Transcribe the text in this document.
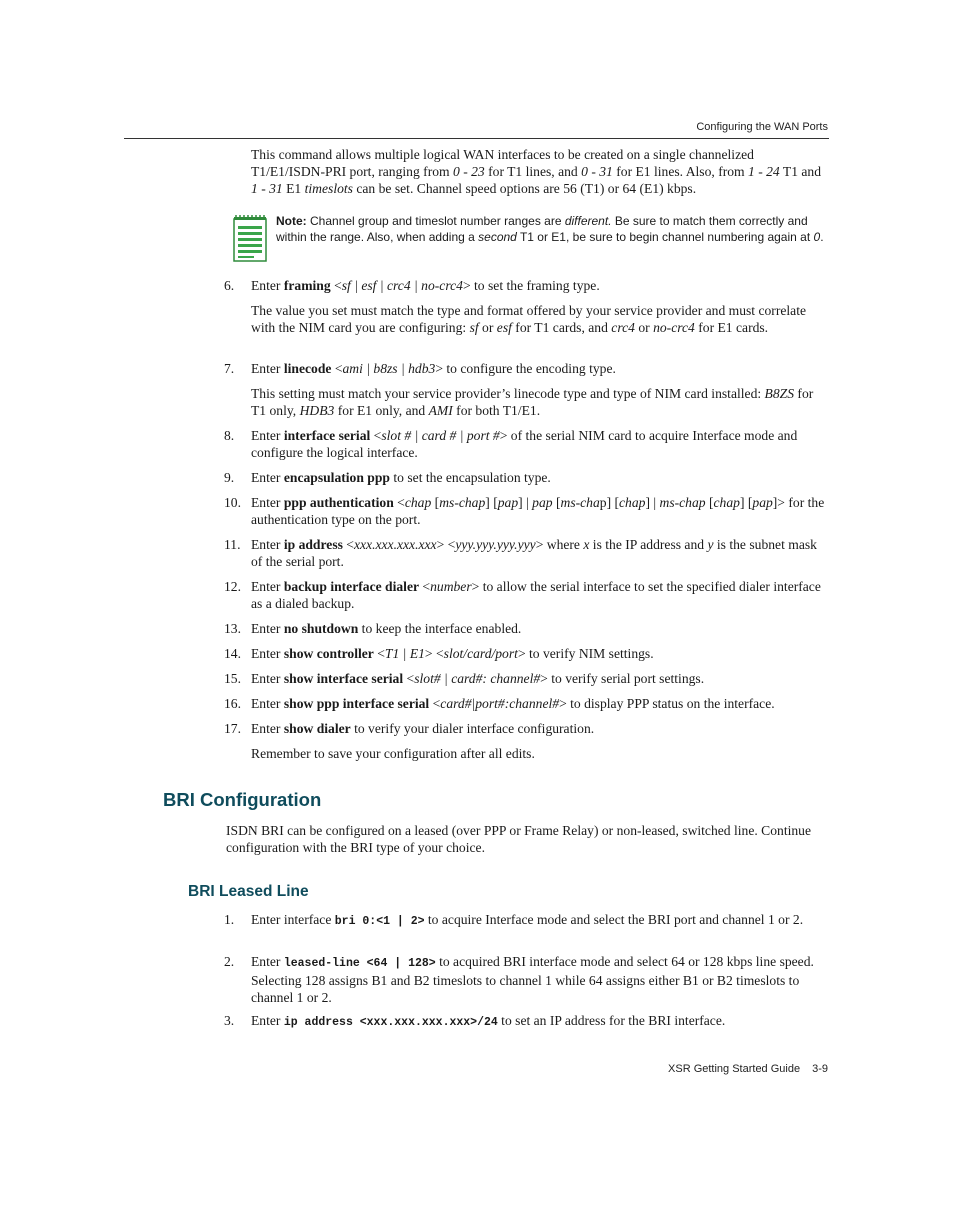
Configuring the WAN Ports

This command allows multiple logical WAN interfaces to be created on a single channelized T1/E1/ISDN-PRI port, ranging from 0 - 23 for T1 lines, and 0 - 31 for E1 lines. Also, from 1 - 24 T1 and 1 - 31 E1 timeslots can be set. Channel speed options are 56 (T1) or 64 (E1) kbps.

Note: Channel group and timeslot number ranges are different. Be sure to match them correctly and within the range. Also, when adding a second T1 or E1, be sure to begin channel numbering again at 0.
6.	Enter framing <sf | esf | crc4 | no-crc4> to set the framing type.
The value you set must match the type and format offered by your service provider and must correlate with the NIM card you are configuring: sf or esf for T1 cards, and crc4 or no-crc4 for E1 cards.
7.	Enter linecode <ami | b8zs | hdb3> to configure the encoding type.
This setting must match your service provider’s linecode type and type of NIM card installed: B8ZS for T1 only, HDB3 for E1 only, and AMI for both T1/E1.
8.	Enter interface serial <slot # | card # | port #> of the serial NIM card to acquire Interface mode and configure the logical interface.
9.	Enter encapsulation ppp to set the encapsulation type.
10. Enter ppp authentication <chap [ms-chap] [pap] | pap [ms-chap] [chap] | ms-chap [chap] [pap]> for the authentication type on the port.
11. Enter ip address <xxx.xxx.xxx.xxx> <yyy.yyy.yyy.yyy> where x is the IP address and y is the subnet mask of the serial port.
12. Enter backup interface dialer <number> to allow the serial interface to set the specified dialer interface as a dialed backup.
13. Enter no shutdown to keep the interface enabled.
14. Enter show controller <T1 | E1> <slot/card/port> to verify NIM settings.
15. Enter show interface serial <slot# | card#: channel#> to verify serial port settings.
16. Enter show ppp interface serial <card#|port#:channel#> to display PPP status on the interface.
17. Enter show dialer to verify your dialer interface configuration.
Remember to save your configuration after all edits.
BRI Configuration
ISDN BRI can be configured on a leased (over PPP or Frame Relay) or non-leased, switched line. Continue configuration with the BRI type of your choice.
BRI Leased Line
1.	Enter interface bri 0:<1 | 2> to acquire Interface mode and select the BRI port and channel 1 or 2.
2.	Enter leased-line <64 | 128> to acquired BRI interface mode and select 64 or 128 kbps line speed. Selecting 128 assigns B1 and B2 timeslots to channel 1 while 64 assigns either B1 or B2 timeslots to channel 1 or 2.
3.	Enter ip address <xxx.xxx.xxx.xxx>/24 to set an IP address for the BRI interface.
XSR Getting Started Guide 3-9
